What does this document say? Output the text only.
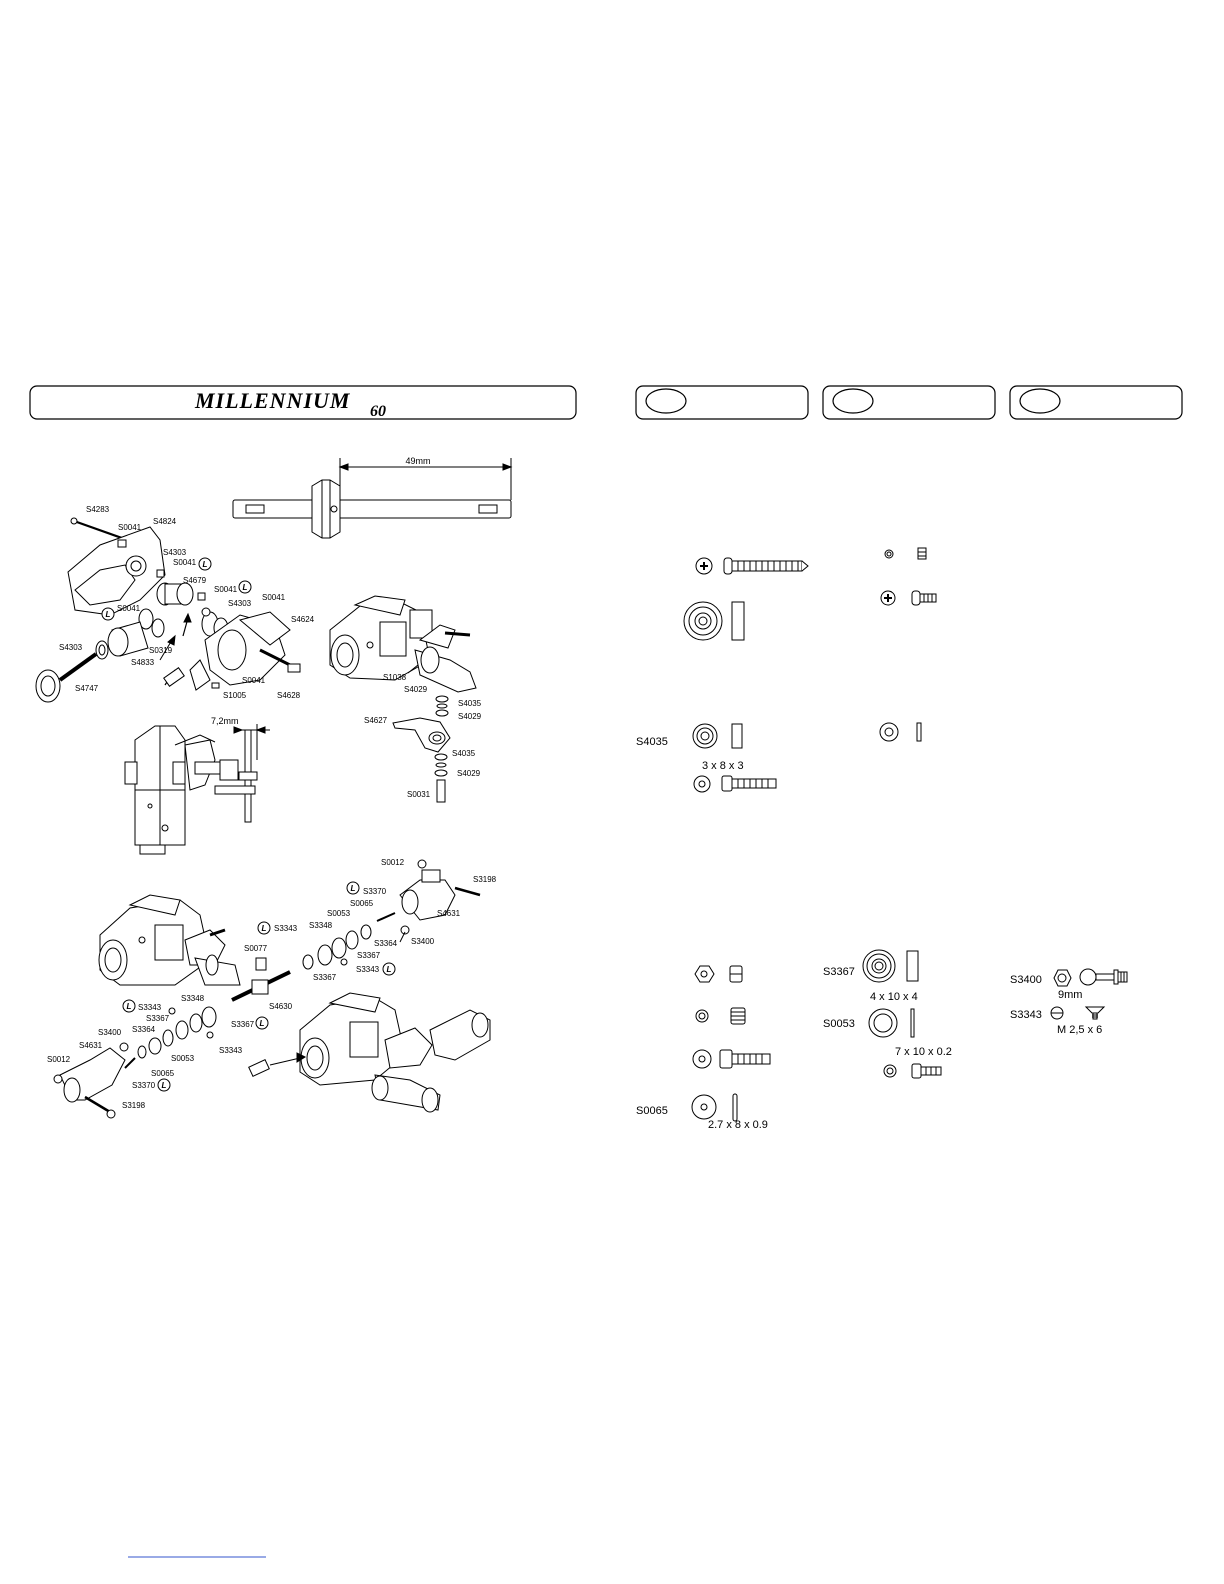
MILLENNIUM 60
49mm
S4283
S0041
S4824
S4303
S0041
S4679
S0041
S0041
S4303
S0041
S4624
S4303	S0319
S4833
S4747
S0041
S1005	S4628
L
L
L
S1038
S4029
S4035
S4029
S4627
S4035
S4029
S0031
7,2mm
S0012
S3198
S3370
S0065
S4631
S3343 S3348
S0053
S3364 S3400
S0077
S3367
S3343
S3367
S4630
S3343
S3348
S3367
S3367
S3364
S3400
S4631
S0012	S0053
S3343
S0065
S3370
S3198
L
L
L
L
L
L
S4035
3 x 8 x 3
S0065
2.7 x 8 x 0.9
S3367
4 x 10 x 4
S0053
7 x 10 x 0.2
S3400
9mm
S3343
M 2,5 x 6
